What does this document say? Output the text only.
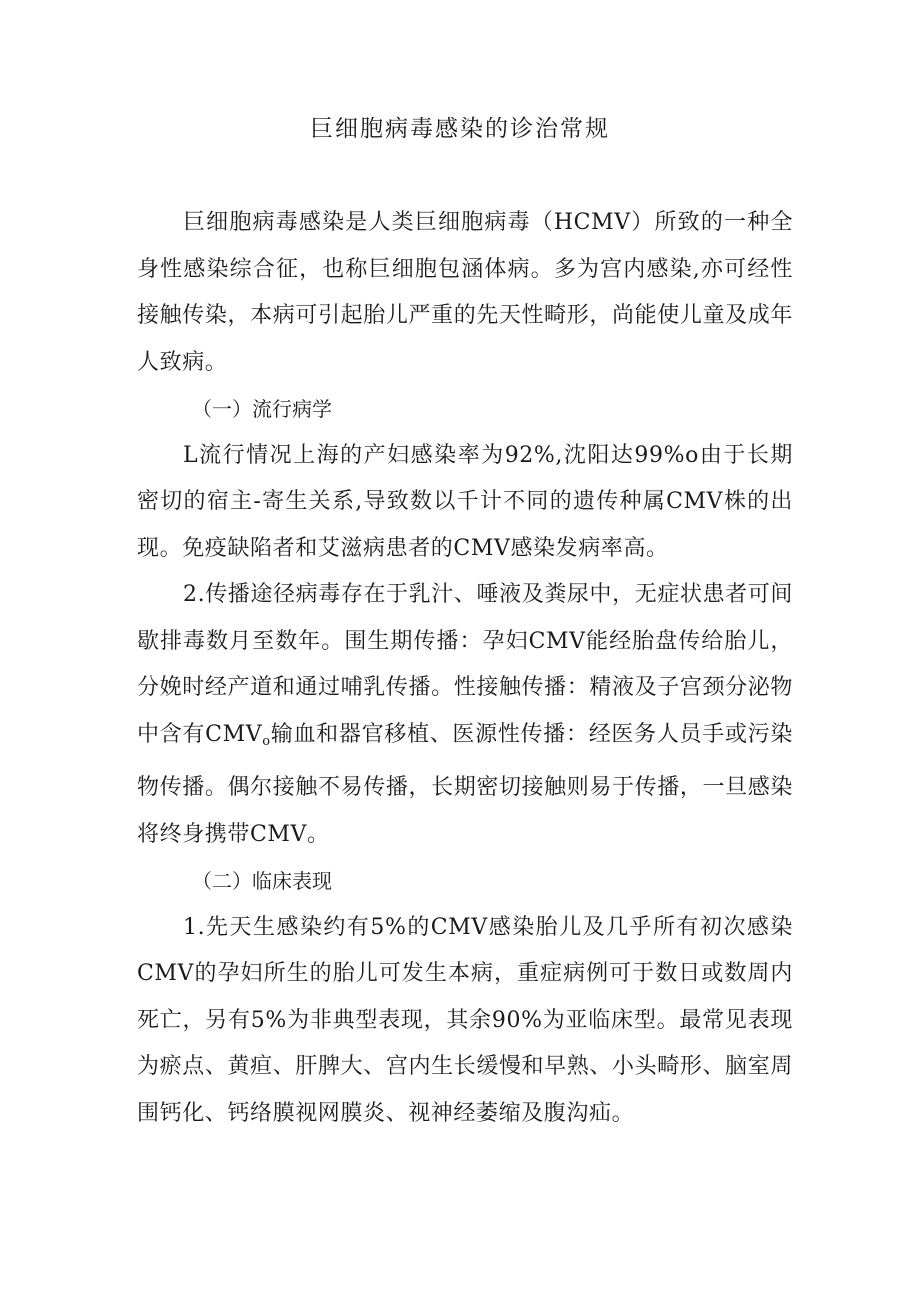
巨细胞病毒感染的诊治常规

巨细胞病毒感染是人类巨细胞病毒（HCMV）所致的一种全身性感染综合征，也称巨细胞包涵体病。多为宫内感染,亦可经性接触传染，本病可引起胎儿严重的先天性畸形，尚能使儿童及成年人致病。

（一）流行病学

L流行情况上海的产妇感染率为92%,沈阳达99%o由于长期密切的宿主-寄生关系,导致数以千计不同的遗传种属CMV株的出现。免疫缺陷者和艾滋病患者的CMV感染发病率高。

2.传播途径病毒存在于乳汁、唾液及粪尿中，无症状患者可间歇排毒数月至数年。围生期传播：孕妇CMV能经胎盘传给胎儿，分娩时经产道和通过哺乳传播。性接触传播：精液及子宫颈分泌物中含有$CMV_o$输血和器官移植、医源性传播：经医务人员手或污染物传播。偶尔接触不易传播，长期密切接触则易于传播，一旦感染将终身携带CMV。

（二）临床表现

1.先天生感染约有5%的CMV感染胎儿及几乎所有初次感染CMV的孕妇所生的胎儿可发生本病，重症病例可于数日或数周内死亡，另有5%为非典型表现，其余90%为亚临床型。最常见表现为瘀点、黄疸、肝脾大、宫内生长缓慢和早熟、小头畸形、脑室周围钙化、钙络膜视网膜炎、视神经萎缩及腹沟疝。
